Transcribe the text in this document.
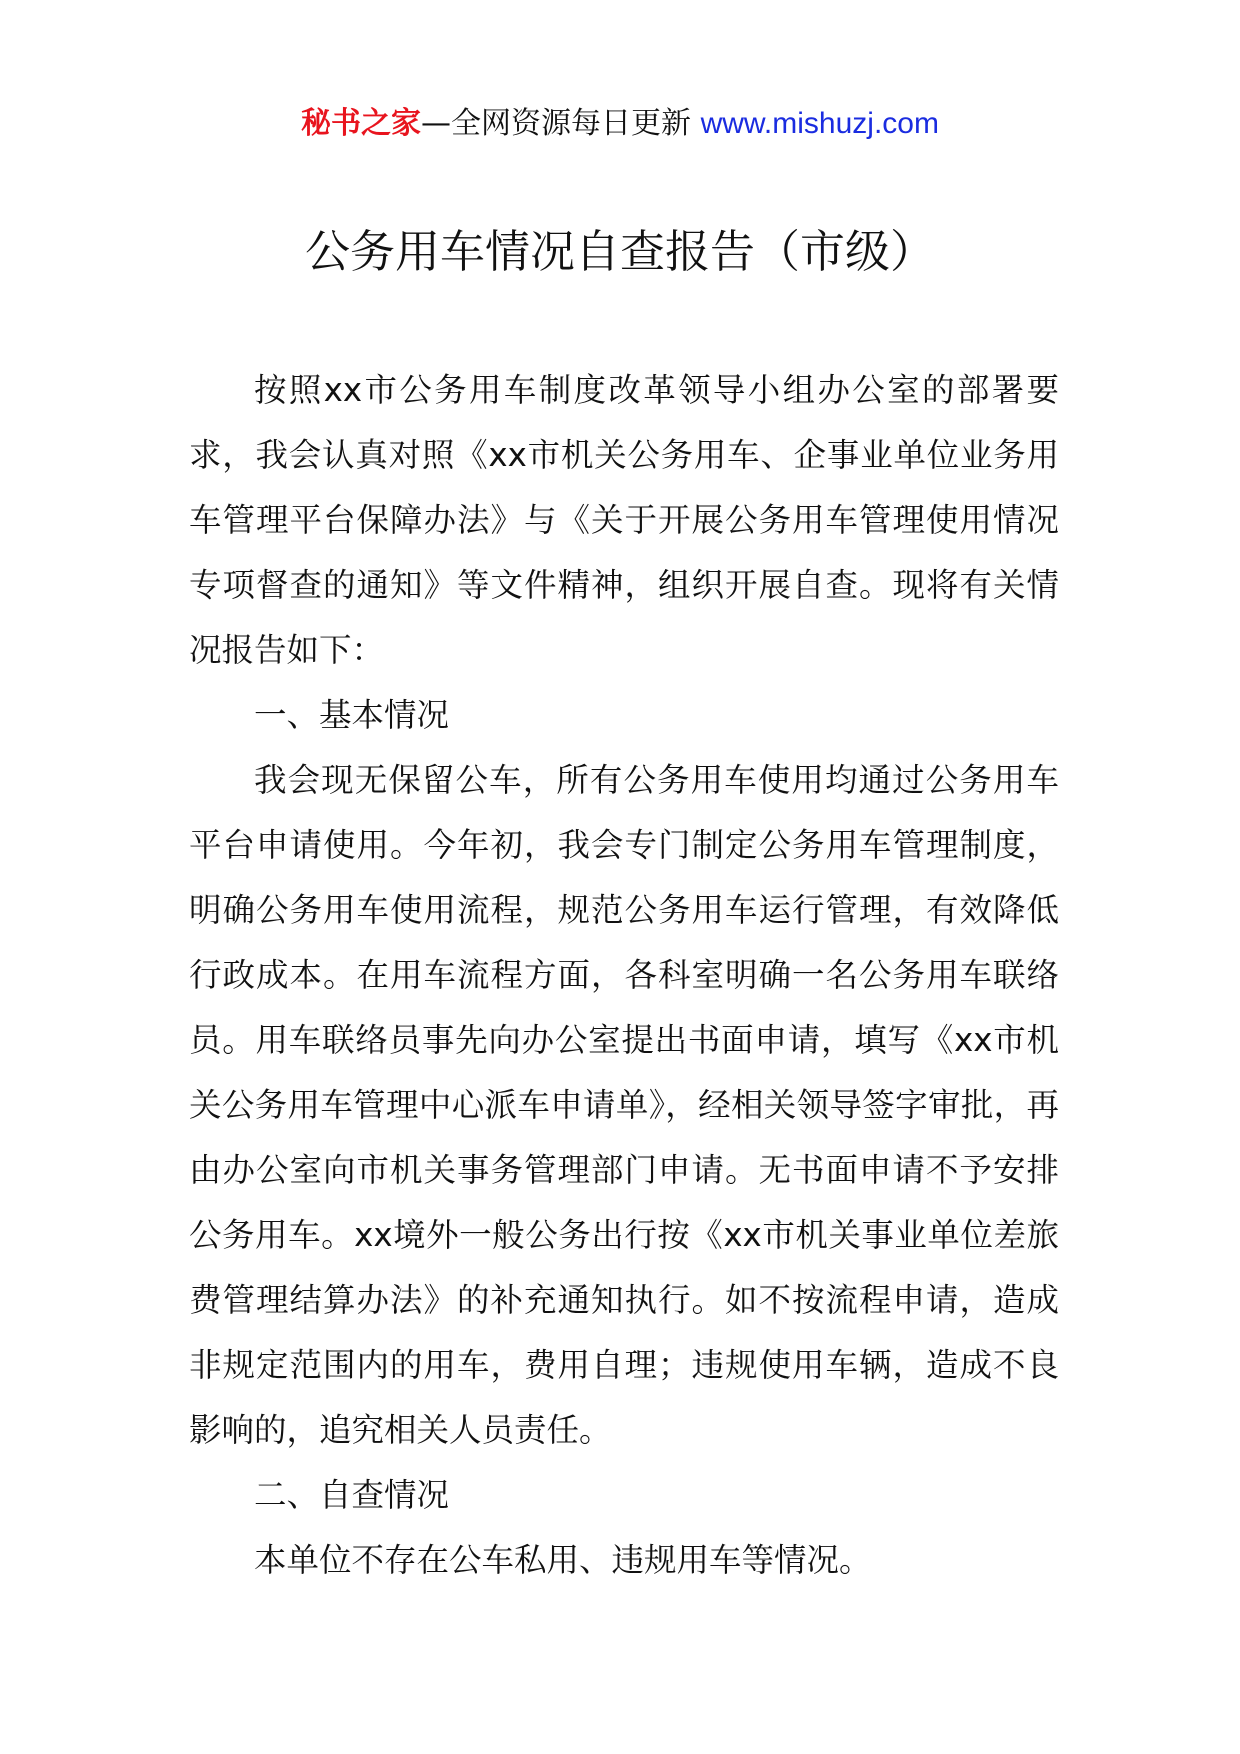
秘书之家—全网资源每日更新 www.mishuzj.com
公务用车情况自查报告（市级）

按照xx市公务用车制度改革领导小组办公室的部署要求，我会认真对照《xx市机关公务用车、企事业单位业务用车管理平台保障办法》与《关于开展公务用车管理使用情况专项督查的通知》等文件精神，组织开展自查。现将有关情况报告如下：

一、基本情况

我会现无保留公车，所有公务用车使用均通过公务用车平台申请使用。今年初，我会专门制定公务用车管理制度，明确公务用车使用流程，规范公务用车运行管理，有效降低行政成本。在用车流程方面，各科室明确一名公务用车联络员。用车联络员事先向办公室提出书面申请，填写《xx市机关公务用车管理中心派车申请单》，经相关领导签字审批，再由办公室向市机关事务管理部门申请。无书面申请不予安排公务用车。xx境外一般公务出行按《xx市机关事业单位差旅费管理结算办法》的补充通知执行。如不按流程申请，造成非规定范围内的用车，费用自理；违规使用车辆，造成不良影响的，追究相关人员责任。

二、自查情况

本单位不存在公车私用、违规用车等情况。
